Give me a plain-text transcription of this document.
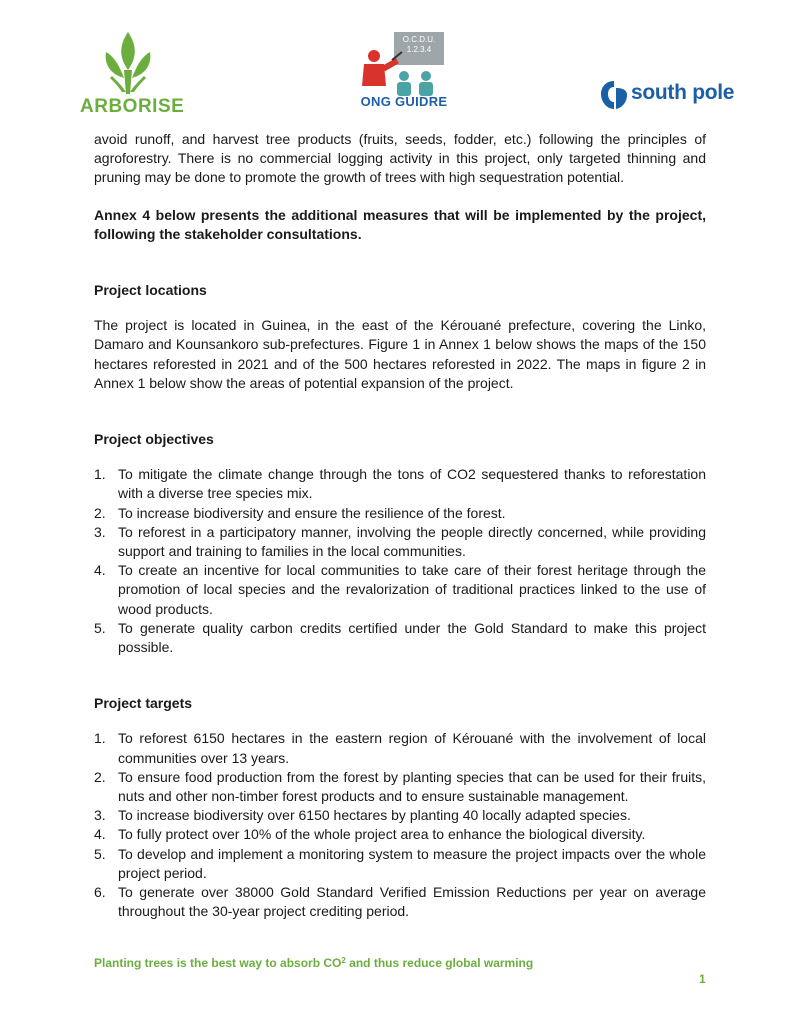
ARBORISE
O.C.D.U.
1.2.3.4
ONG GUIDRE	south pole

avoid runoff, and harvest tree products (fruits, seeds, fodder, etc.) following the principles of agroforestry. There is no commercial logging activity in this project, only targeted thinning and pruning may be done to promote the growth of trees with high sequestration potential.

Annex 4 below presents the additional measures that will be implemented by the project, following the stakeholder consultations.

Project locations

The project is located in Guinea, in the east of the Kérouané prefecture, covering the Linko, Damaro and Kounsankoro sub-prefectures. Figure 1 in Annex 1 below shows the maps of the 150 hectares reforested in 2021 and of the 500 hectares reforested in 2022. The maps in figure 2 in Annex 1 below show the areas of potential expansion of the project.

Project objectives
1. To mitigate the climate change through the tons of CO2 sequestered thanks to reforestation with a diverse tree species mix.
2. To increase biodiversity and ensure the resilience of the forest.
3. To reforest in a participatory manner, involving the people directly concerned, while providing support and training to families in the local communities.
4. To create an incentive for local communities to take care of their forest heritage through the promotion of local species and the revalorization of traditional practices linked to the use of wood products.
5. To generate quality carbon credits certified under the Gold Standard to make this project possible.
Project targets
1. To reforest 6150 hectares in the eastern region of Kérouané with the involvement of local communities over 13 years.
2. To ensure food production from the forest by planting species that can be used for their fruits, nuts and other non-timber forest products and to ensure sustainable management.
3. To increase biodiversity over 6150 hectares by planting 40 locally adapted species.
4. To fully protect over 10% of the whole project area to enhance the biological diversity.
5. To develop and implement a monitoring system to measure the project impacts over the whole project period.
6. To generate over 38000 Gold Standard Verified Emission Reductions per year on average throughout the 30-year project crediting period.
Planting trees is the best way to absorb $CO^2$ and thus reduce global warming
1
